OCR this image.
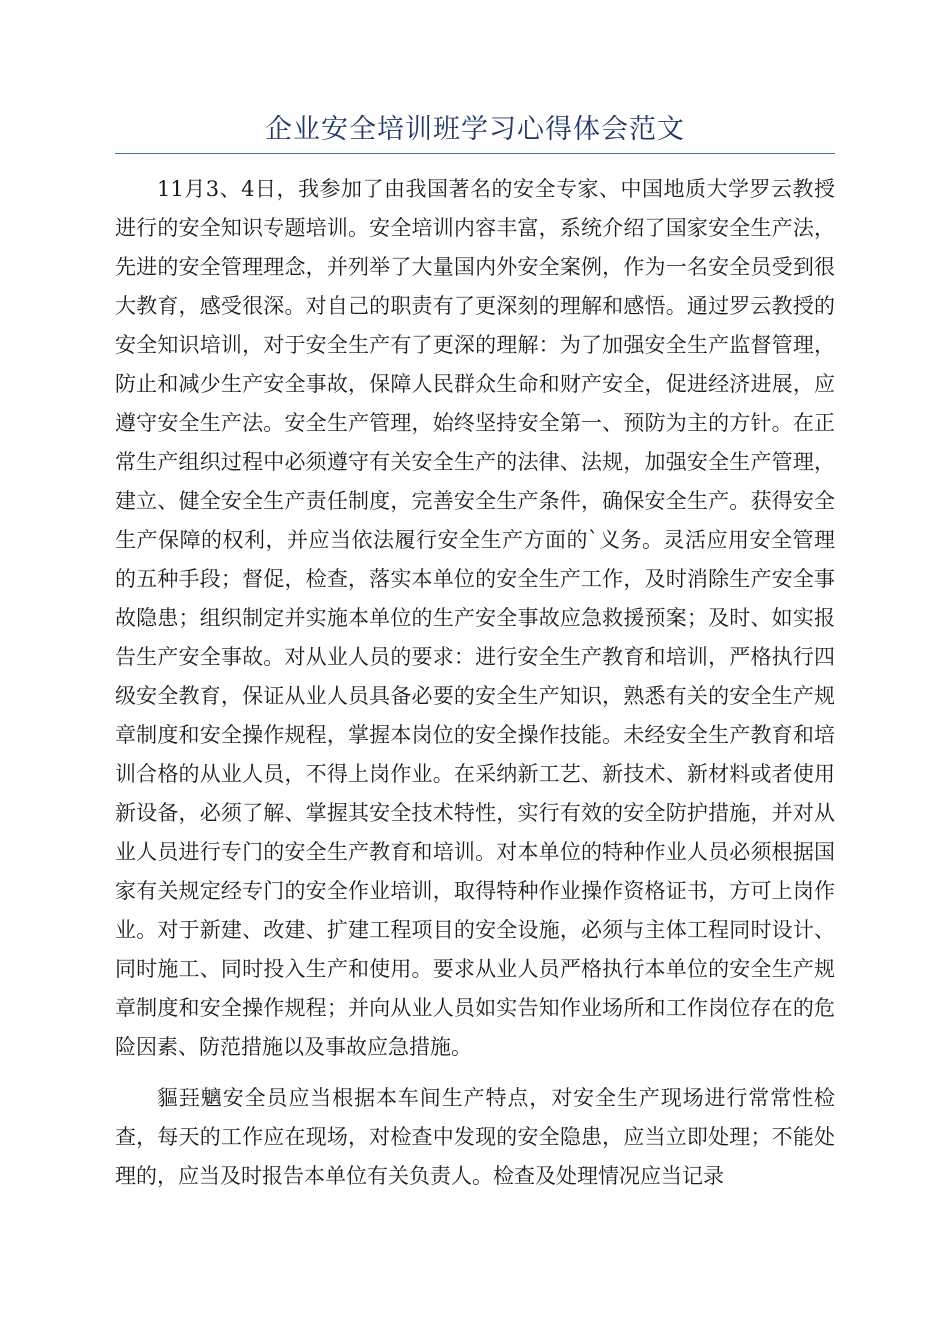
企业安全培训班学习心得体会范文

11月3、4日，我参加了由我国著名的安全专家、中国地质大学罗云教授进行的安全知识专题培训。安全培训内容丰富，系统介绍了国家安全生产法，先进的安全管理理念，并列举了大量国内外安全案例，作为一名安全员受到很大教育，感受很深。对自己的职责有了更深刻的理解和感悟。通过罗云教授的安全知识培训，对于安全生产有了更深的理解：为了加强安全生产监督管理，防止和减少生产安全事故，保障人民群众生命和财产安全，促进经济进展，应遵守安全生产法。安全生产管理，始终坚持安全第一、预防为主的方针。在正常生产组织过程中必须遵守有关安全生产的法律、法规，加强安全生产管理，建立、健全安全生产责任制度，完善安全生产条件，确保安全生产。获得安全生产保障的权利，并应当依法履行安全生产方面的`义务。灵活应用安全管理的五种手段；督促，检查，落实本单位的安全生产工作，及时消除生产安全事故隐患；组织制定并实施本单位的生产安全事故应急救援预案；及时、如实报告生产安全事故。对从业人员的要求：进行安全生产教育和培训，严格执行四级安全教育，保证从业人员具备必要的安全生产知识，熟悉有关的安全生产规章制度和安全操作规程，掌握本岗位的安全操作技能。未经安全生产教育和培训合格的从业人员，不得上岗作业。在采纳新工艺、新技术、新材料或者使用新设备，必须了解、掌握其安全技术特性，实行有效的安全防护措施，并对从业人员进行专门的安全生产教育和培训。对本单位的特种作业人员必须根据国家有关规定经专门的安全作业培训，取得特种作业操作资格证书，方可上岗作业。对于新建、改建、扩建工程项目的安全设施，必须与主体工程同时设计、同时施工、同时投入生产和使用。要求从业人员严格执行本单位的安全生产规章制度和安全操作规程；并向从业人员如实告知作业场所和工作岗位存在的危险因素、防范措施以及事故应急措施。

貙㠭魑安全员应当根据本车间生产特点，对安全生产现场进行常常性检查，每天的工作应在现场，对检查中发现的安全隐患，应当立即处理；不能处理的，应当及时报告本单位有关负责人。检查及处理情况应当记录
